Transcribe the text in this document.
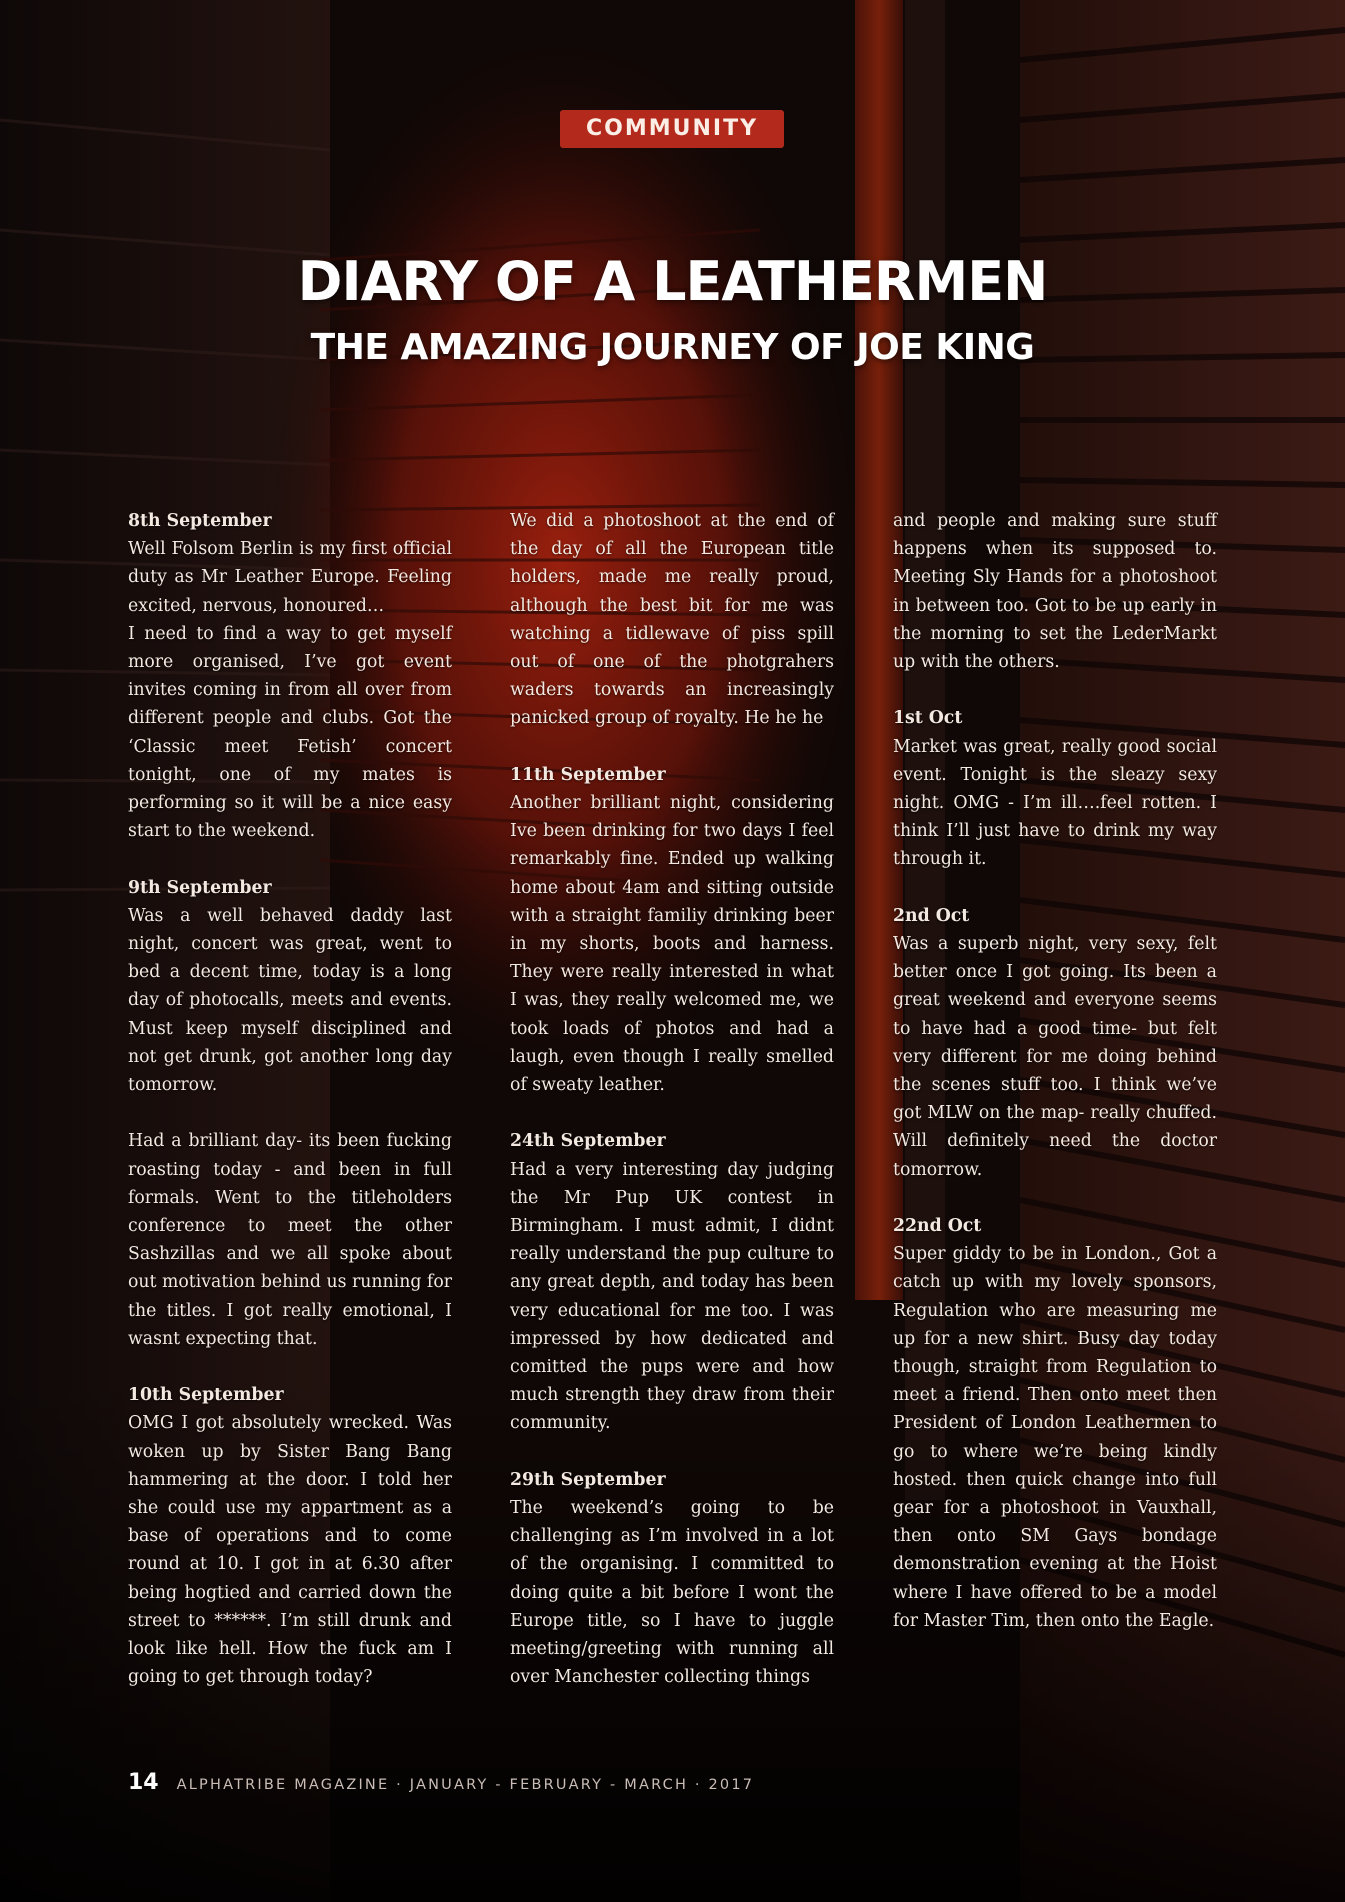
COMMUNITY
DIARY OF A LEATHERMEN
THE AMAZING JOURNEY OF JOE KING

8th September

Well Folsom Berlin is my first official duty as Mr Leather Europe. Feeling excited, nervous, honoured…

I need to find a way to get myself more organised, I’ve got event invites coming in from all over from different people and clubs. Got the ‘Classic meet Fetish’ concert tonight, one of my mates is performing so it will be a nice easy start to the weekend.

9th September

Was a well behaved daddy last night, concert was great, went to bed a decent time, today is a long day of photocalls, meets and events. Must keep myself disciplined and not get drunk, got another long day tomorrow.

Had a brilliant day- its been fucking roasting today - and been in full formals. Went to the titleholders conference to meet the other Sashzillas and we all spoke about out motivation behind us running for the titles. I got really emotional, I wasnt expecting that.

10th September

OMG I got absolutely wrecked. Was woken up by Sister Bang Bang hammering at the door. I told her she could use my appartment as a base of operations and to come round at 10. I got in at 6.30 after being hogtied and carried down the street to ******. I’m still drunk and look like hell. How the fuck am I going to get through today?

We did a photoshoot at the end of the day of all the European title holders, made me really proud, although the best bit for me was watching a tidlewave of piss spill out of one of the photgrahers waders towards an increasingly panicked group of royalty. He he he

11th September

Another brilliant night, considering Ive been drinking for two days I feel remarkably fine. Ended up walking home about 4am and sitting outside with a straight familiy drinking beer in my shorts, boots and harness. They were really interested in what I was, they really welcomed me, we took loads of photos and had a laugh, even though I really smelled of sweaty leather.

24th September

Had a very interesting day judging the Mr Pup UK contest in Birmingham. I must admit, I didnt really understand the pup culture to any great depth, and today has been very educational for me too. I was impressed by how dedicated and comitted the pups were and how much strength they draw from their community.

29th September

The weekend’s going to be challenging as I’m involved in a lot of the organising. I committed to doing quite a bit before I wont the Europe title, so I have to juggle meeting/greeting with running all over Manchester collecting things

and people and making sure stuff happens when its supposed to. Meeting Sly Hands for a photoshoot in between too. Got to be up early in the morning to set the LederMarkt up with the others.

1st Oct

Market was great, really good social event. Tonight is the sleazy sexy night. OMG - I’m ill….feel rotten. I think I’ll just have to drink my way through it.

2nd Oct

Was a superb night, very sexy, felt better once I got going. Its been a great weekend and everyone seems to have had a good time- but felt very different for me doing behind the scenes stuff too. I think we’ve got MLW on the map- really chuffed. Will definitely need the doctor tomorrow.

22nd Oct

Super giddy to be in London., Got a catch up with my lovely sponsors, Regulation who are measuring me up for a new shirt. Busy day today though, straight from Regulation to meet a friend. Then onto meet then President of London Leathermen to go to where we’re being kindly hosted. then quick change into full gear for a photoshoot in Vauxhall, then onto SM Gays bondage demonstration evening at the Hoist where I have offered to be a model for Master Tim, then onto the Eagle.

14 ALPHATRIBE MAGAZINE · JANUARY - FEBRUARY - MARCH · 2017
